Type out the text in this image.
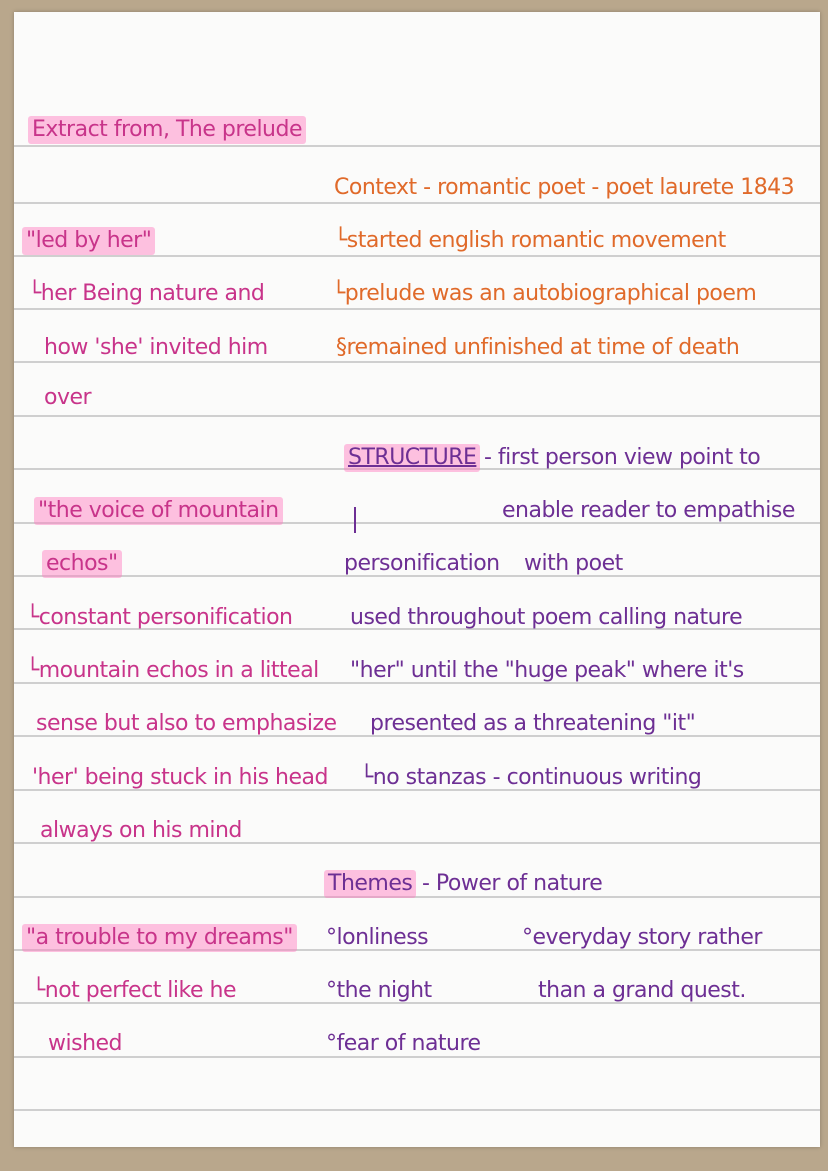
Extract from, The prelude
Context - romantic poet - poet laurete 1843
└started english romantic movement
└prelude was an autobiographical poem
§remained unfinished at time of death
"led by her"
└her Being nature and
how 'she' invited him
over
STRUCTURE - first person view point to
enable reader to empathise
personification with poet
used throughout poem calling nature
"her" until the "huge peak" where it's
presented as a threatening "it"
└no stanzas - continuous writing
"the voice of mountain
echos"
└constant personification
└mountain echos in a litteal
sense but also to emphasize
'her' being stuck in his head
always on his mind
Themes - Power of nature
°lonliness
°the night
°fear of nature
°everyday story rather
than a grand quest.
"a trouble to my dreams"
└not perfect like he
wished
